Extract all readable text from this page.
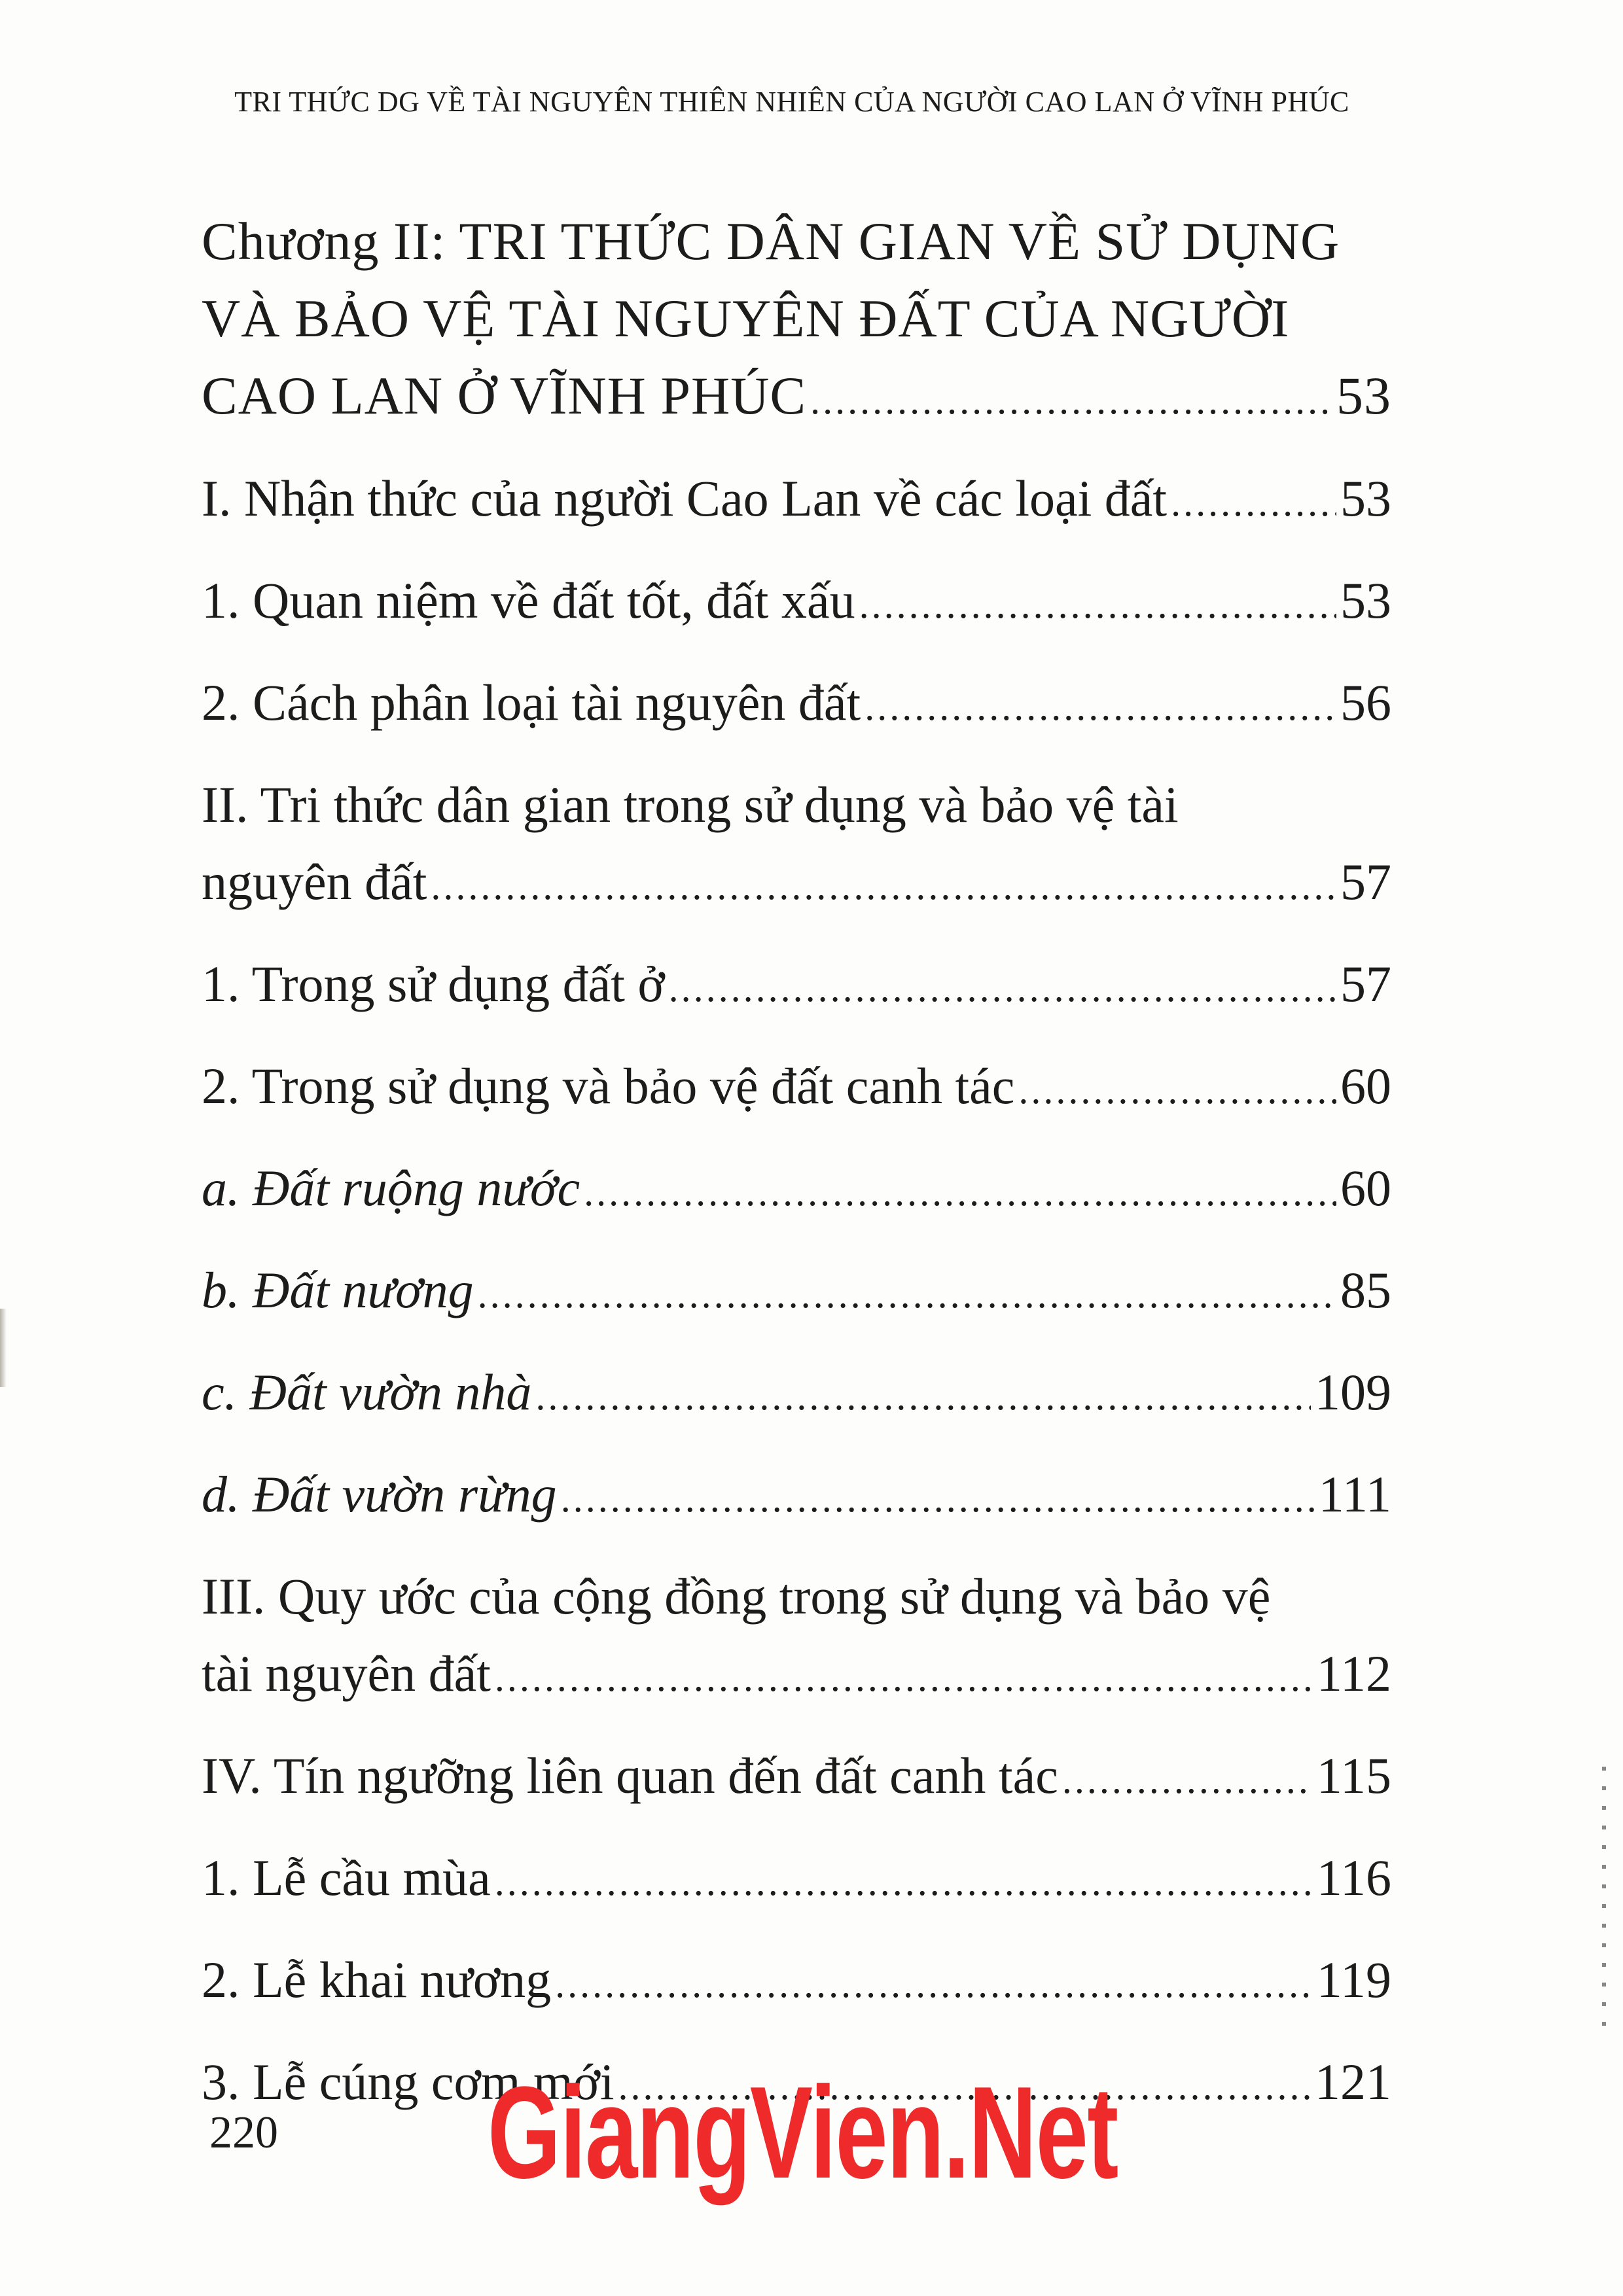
TRI THỨC DG VỀ TÀI NGUYÊN THIÊN NHIÊN CỦA NGƯỜI CAO LAN Ở VĨNH PHÚC
Chương II: TRI THỨC DÂN GIAN VỀ SỬ DỤNG
VÀ BẢO VỆ TÀI NGUYÊN ĐẤT CỦA NGƯỜI
CAO LAN Ở VĨNH PHÚC .....	53
I. Nhận thức của người Cao Lan về các loại đất .....	53
1. Quan niệm về đất tốt, đất xấu .....	53
2. Cách phân loại tài nguyên đất .....	56
II. Tri thức dân gian trong sử dụng và bảo vệ tài
nguyên đất .....	57
1. Trong sử dụng đất ở .....	57
2. Trong sử dụng và bảo vệ đất canh tác .....	60
a. Đất ruộng nước .....	60
b. Đất nương .....	85
c. Đất vườn nhà .....	109
d. Đất vườn rừng .....	111
III. Quy ước của cộng đồng trong sử dụng và bảo vệ
tài nguyên đất .....	112
IV. Tín ngưỡng liên quan đến đất canh tác .....	115
1. Lễ cầu mùa .....	116
2. Lễ khai nương .....	119
3. Lễ cúng cơm mới .....	121
220 GiangVien.Net
